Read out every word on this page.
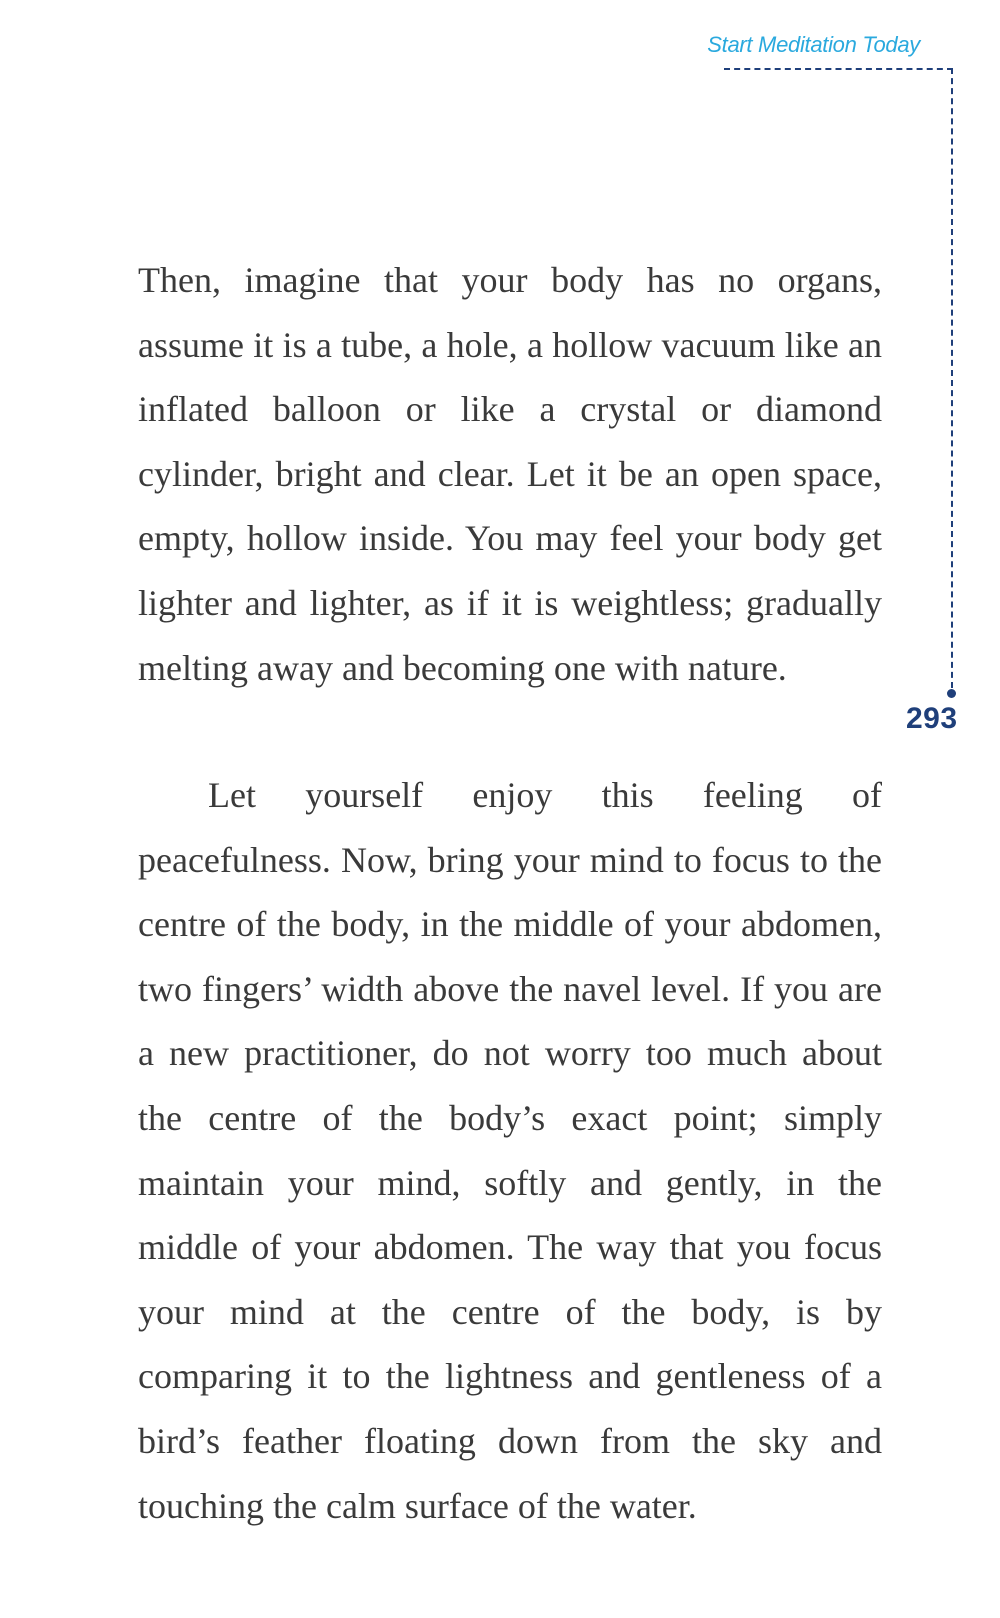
Start Meditation Today
293

Then, imagine that your body has no organs, assume it is a tube, a hole, a hollow vacuum like an inflated balloon or like a crystal or diamond cylinder, bright and clear. Let it be an open space, empty, hollow inside. You may feel your body get lighter and lighter, as if it is weightless; gradually melting away and becoming one with nature.

Let yourself enjoy this feeling of peacefulness. Now, bring your mind to focus to the centre of the body, in the middle of your abdomen, two fingers’ width above the navel level. If you are a new practitioner, do not worry too much about the centre of the body’s exact point; simply maintain your mind, softly and gently, in the middle of your abdomen. The way that you focus your mind at the centre of the body, is by comparing it to the lightness and gentleness of a bird’s feather floating down from the sky and touching the calm surface of the water.
